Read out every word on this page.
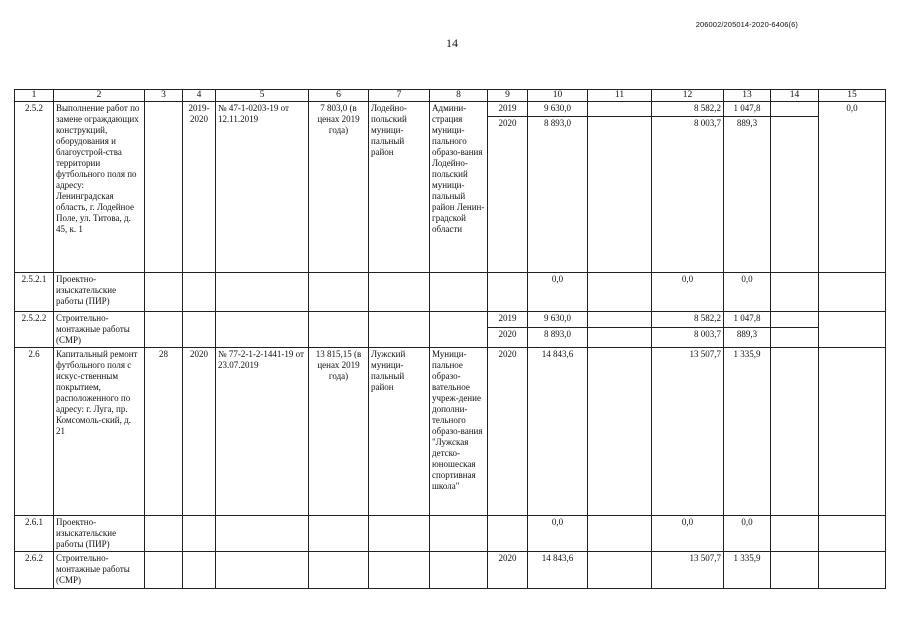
206002/205014-2020-6406(6)
14
1	2	3	4	5	6	7	8	9	10	11	12	13	14	15
2.5.2	Выполнение работ по замене ограждающих конструкций, оборудования и благоустрой-ства территории футбольного поля по адресу: Ленинградская область, г. Лодейное Поле, ул. Титова, д. 45, к. 1		2019-2020	№ 47-1-0203-19 от 12.11.2019	7 803,0 (в ценах 2019 года)	Лодейно-польский муници-пальный район	Админи-страция муници-пального образо-вания Лодейно-польский муници-пальный район Ленин-градской области	2019	9 630,0		8 582,2	1 047,8		0,0
								2020	8 893,0		8 003,7	889,3		
2.5.2.1	Проектно-изыскательские работы (ПИР)								0,0		0,0	0,0		
2.5.2.2	Строительно-монтажные работы (СМР)							2019	9 630,0		8 582,2	1 047,8		
								2020	8 893,0		8 003,7	889,3		
2.6	Капитальный ремонт футбольного поля с искус-ственным покрытием, расположенного по адресу: г. Луга, пр. Комсомоль-ский, д. 21	28	2020	№ 77-2-1-2-1441-19 от 23.07.2019	13 815,15 (в ценах 2019 года)	Лужский муници-пальный район	Муници-пальное образо-вательное учреж-дение дополни-тельного образо-вания "Лужская детско-юношеская спортивная школа"	2020	14 843,6		13 507,7	1 335,9		
2.6.1	Проектно-изыскательские работы (ПИР)								0,0		0,0	0,0		
2.6.2	Строительно-монтажные работы (СМР)							2020	14 843,6		13 507,7	1 335,9		
